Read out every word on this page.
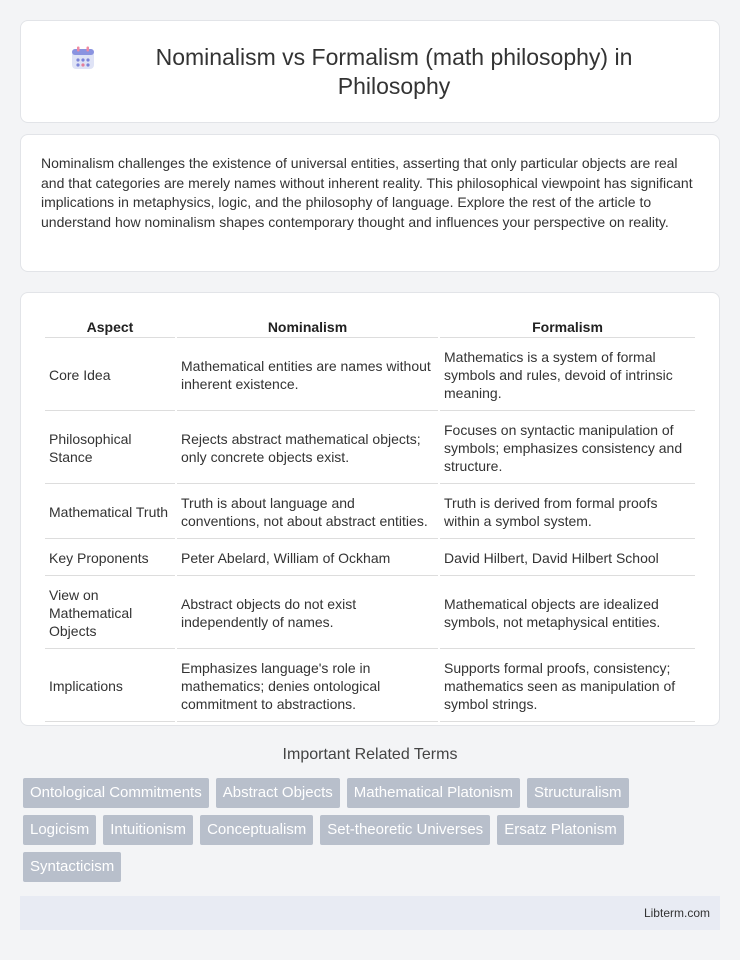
Nominalism vs Formalism (math philosophy) in Philosophy

Nominalism challenges the existence of universal entities, asserting that only particular objects are real and that categories are merely names without inherent reality. This philosophical viewpoint has significant implications in metaphysics, logic, and the philosophy of language. Explore the rest of the article to understand how nominalism shapes contemporary thought and influences your perspective on reality.

Aspect	Nominalism	Formalism
Core Idea	Mathematical entities are names without inherent existence.	Mathematics is a system of formal symbols and rules, devoid of intrinsic meaning.
Philosophical Stance	Rejects abstract mathematical objects; only concrete objects exist.	Focuses on syntactic manipulation of symbols; emphasizes consistency and structure.
Mathematical Truth	Truth is about language and conventions, not about abstract entities.	Truth is derived from formal proofs within a symbol system.
Key Proponents	Peter Abelard, William of Ockham	David Hilbert, David Hilbert School
View on Mathematical Objects	Abstract objects do not exist independently of names.	Mathematical objects are idealized symbols, not metaphysical entities.
Implications	Emphasizes language's role in mathematics; denies ontological commitment to abstractions.	Supports formal proofs, consistency; mathematics seen as manipulation of symbol strings.
Important Related Terms
Ontological Commitments	Abstract Objects	Mathematical Platonism	Structuralism
Logicism	Intuitionism	Conceptualism	Set-theoretic Universes	Ersatz Platonism
Syntacticism
Libterm.com
